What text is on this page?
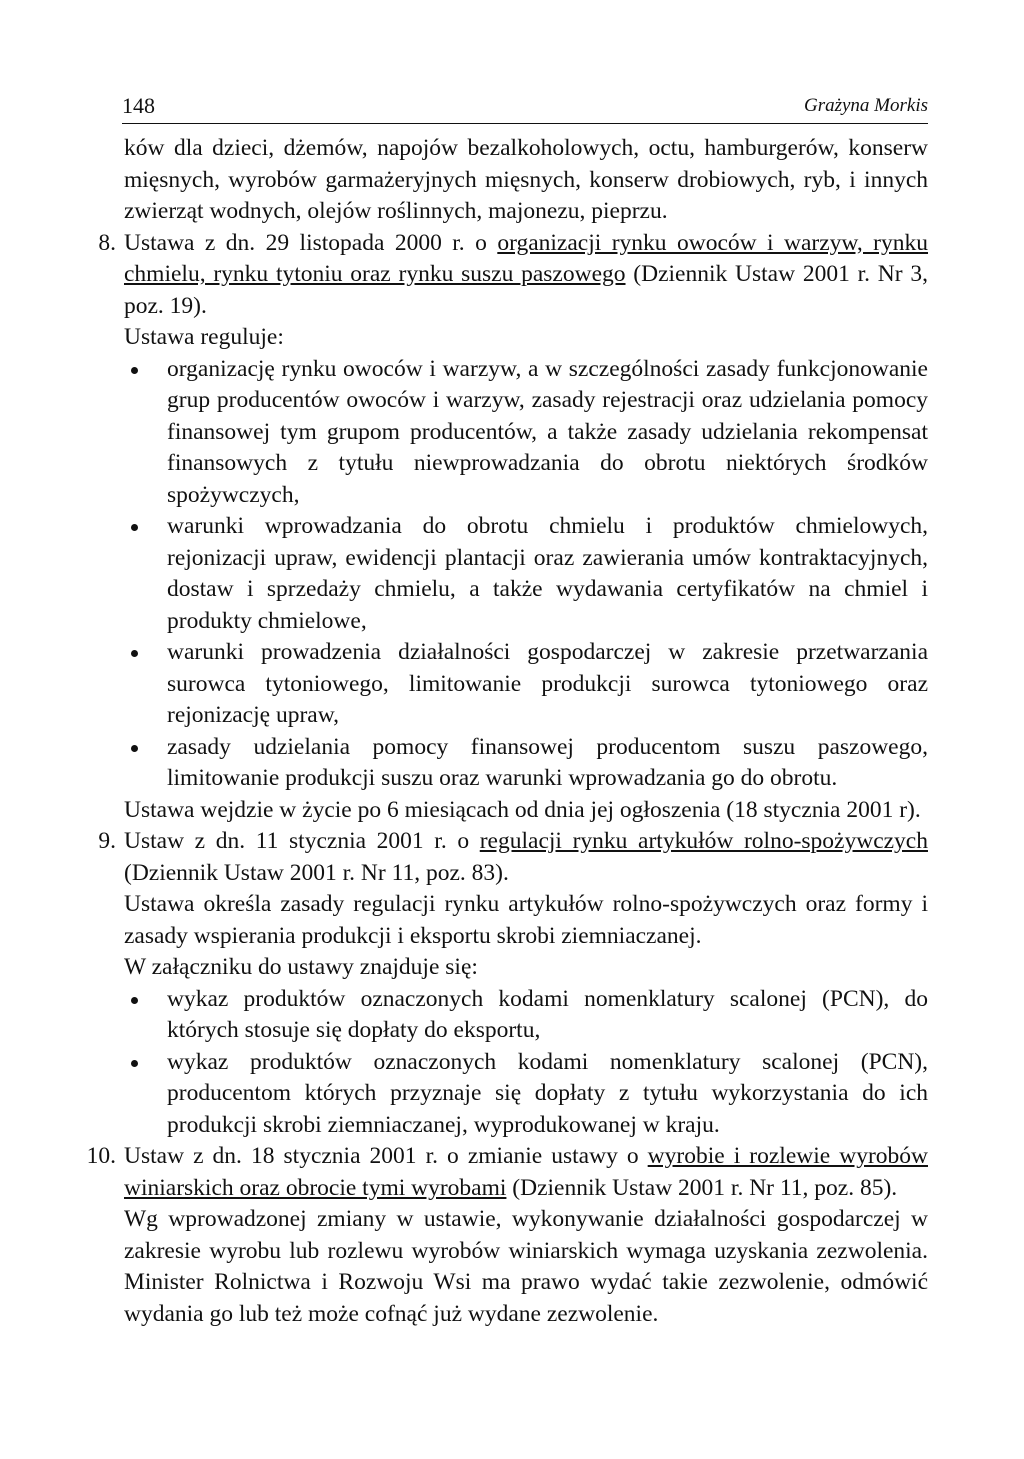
148	Grażyna Morkis

ków dla dzieci, dżemów, napojów bezalkoholowych, octu, hamburgerów, konserw mięsnych, wyrobów garmażeryjnych mięsnych, konserw drobiowych, ryb, i innych zwierząt wodnych, olejów roślinnych, majonezu, pieprzu.

8. Ustawa z dn. 29 listopada 2000 r. o organizacji rynku owoców i warzyw, rynku chmielu, rynku tytoniu oraz rynku suszu paszowego (Dziennik Ustaw 2001 r. Nr 3, poz. 19).

Ustawa reguluje:

organizację rynku owoców i warzyw, a w szczególności zasady funkcjonowanie grup producentów owoców i warzyw, zasady rejestracji oraz udzielania pomocy finansowej tym grupom producentów, a także zasady udzielania rekompensat finansowych z tytułu niewprowadzania do obrotu niektórych środków spożywczych,
warunki wprowadzania do obrotu chmielu i produktów chmielowych, rejonizacji upraw, ewidencji plantacji oraz zawierania umów kontraktacyjnych, dostaw i sprzedaży chmielu, a także wydawania certyfikatów na chmiel i produkty chmielowe,
warunki prowadzenia działalności gospodarczej w zakresie przetwarzania surowca tytoniowego, limitowanie produkcji surowca tytoniowego oraz rejonizację upraw,
zasady udzielania pomocy finansowej producentom suszu paszowego, limitowanie produkcji suszu oraz warunki wprowadzania go do obrotu.

Ustawa wejdzie w życie po 6 miesiącach od dnia jej ogłoszenia (18 stycznia 2001 r).

9. Ustaw z dn. 11 stycznia 2001 r. o regulacji rynku artykułów rolno-spożywczych (Dziennik Ustaw 2001 r. Nr 11, poz. 83).

Ustawa określa zasady regulacji rynku artykułów rolno-spożywczych oraz formy i zasady wspierania produkcji i eksportu skrobi ziemniaczanej.

W załączniku do ustawy znajduje się:

wykaz produktów oznaczonych kodami nomenklatury scalonej (PCN), do których stosuje się dopłaty do eksportu,
wykaz produktów oznaczonych kodami nomenklatury scalonej (PCN), producentom których przyznaje się dopłaty z tytułu wykorzystania do ich produkcji skrobi ziemniaczanej, wyprodukowanej w kraju.
10. Ustaw z dn. 18 stycznia 2001 r. o zmianie ustawy o wyrobie i rozlewie wyrobów winiarskich oraz obrocie tymi wyrobami (Dziennik Ustaw 2001 r. Nr 11, poz. 85).

Wg wprowadzonej zmiany w ustawie, wykonywanie działalności gospodarczej w zakresie wyrobu lub rozlewu wyrobów winiarskich wymaga uzyskania zezwolenia. Minister Rolnictwa i Rozwoju Wsi ma prawo wydać takie zezwolenie, odmówić wydania go lub też może cofnąć już wydane zezwolenie.
